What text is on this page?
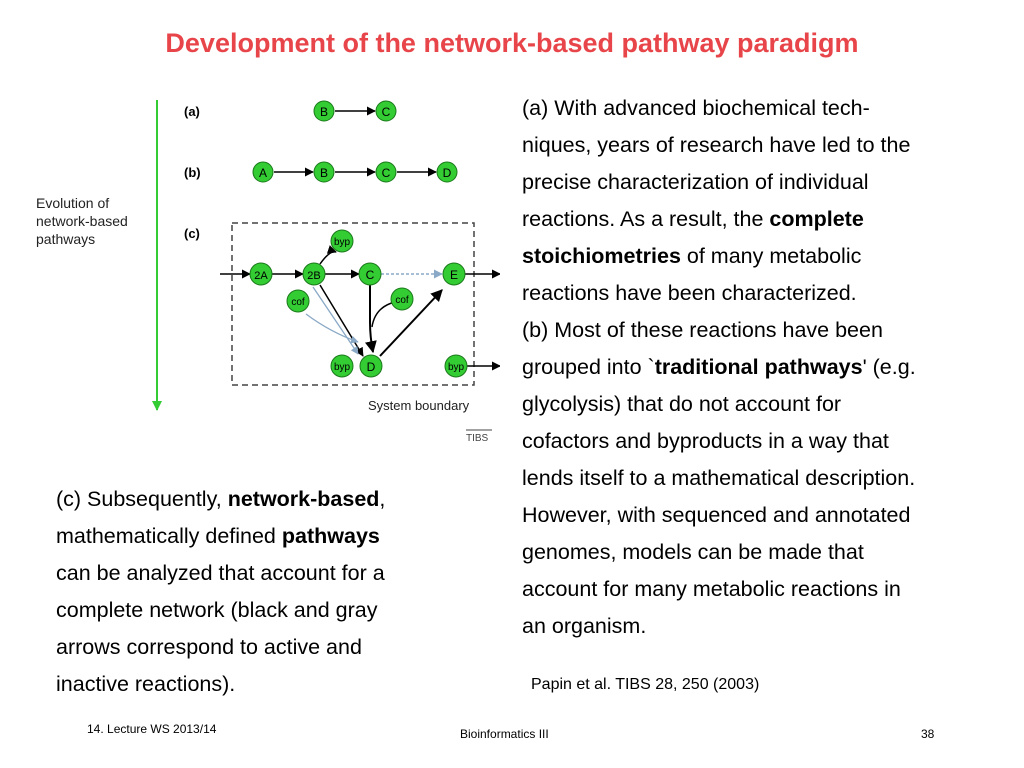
Development of the network-based pathway paradigm
Evolution of
network-based
pathways
(a)
(b)
(c)
B	C
A	B	C	D
System boundary
2A	2B	C	E
D
byp
byp	byp
cof	cof
TIBS
(a) With advanced biochemical tech-
niques, years of research have led to the
precise characterization of individual
reactions. As a result, the complete
stoichiometries of many metabolic
reactions have been characterized.
(b) Most of these reactions have been
grouped into `traditional pathways' (e.g.
glycolysis) that do not account for
cofactors and byproducts in a way that
lends itself to a mathematical description.
However, with sequenced and annotated
genomes, models can be made that
account for many metabolic reactions in
an organism.
(c) Subsequently, network-based,
mathematically defined pathways
can be analyzed that account for a
complete network (black and gray
arrows correspond to active and
inactive reactions).	Papin et al. TIBS 28, 250 (2003)
14. Lecture WS 2013/14	Bioinformatics III	38
